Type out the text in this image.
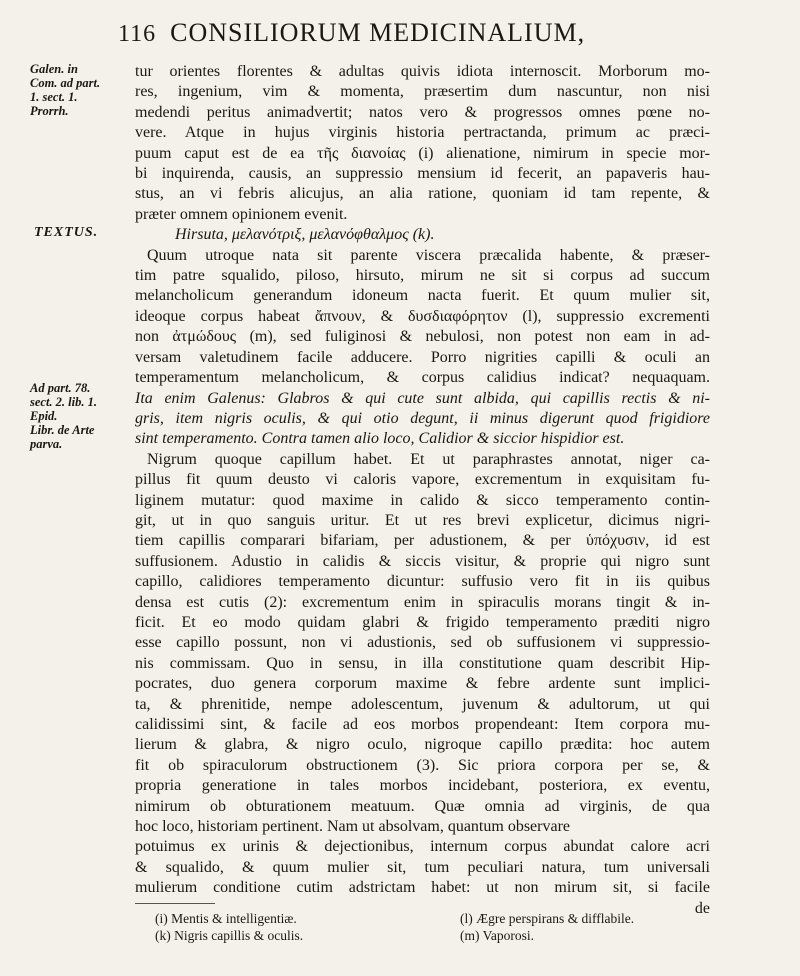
116 CONSILIORUM MEDICINALIUM,
Galen. in
Com. ad part.
1. sect. 1.
Prorrh.
TEXTUS.
Ad part. 78.
sect. 2. lib. 1.
Epid.
Libr. de Arte
parva.
tur orientes florentes & adultas quivis idiota internoscit. Morborum mo-
res, ingenium, vim & momenta, præsertim dum nascuntur, non nisi
medendi peritus animadvertit; natos vero & progressos omnes pœne no-
vere. Atque in hujus virginis historia pertractanda, primum ac præci-
puum caput est de ea τῆς διανοίας (i) alienatione, nimirum in specie mor-
bi inquirenda, causis, an suppressio mensium id fecerit, an papaveris hau-
stus, an vi febris alicujus, an alia ratione, quoniam id tam repente, &
præter omnem opinionem evenit.
Hirsuta, μελανότριξ, μελανόφθαλμος (k).
Quum utroque nata sit parente viscera præcalida habente, & præser-
tim patre squalido, piloso, hirsuto, mirum ne sit si corpus ad succum
melancholicum generandum idoneum nacta fuerit. Et quum mulier sit,
ideoque corpus habeat ἄπνουν, & δυσδιαφόρητον (l), suppressio excrementi
non ἀτμώδους (m), sed fuliginosi & nebulosi, non potest non eam in ad-
versam valetudinem facile adducere. Porro nigrities capilli & oculi an
temperamentum melancholicum, & corpus calidius indicat? nequaquam.
Ita enim Galenus: Glabros & qui cute sunt albida, qui capillis rectis & ni-
gris, item nigris oculis, & qui otio degunt, ii minus digerunt quod frigidiore
sint temperamento. Contra tamen alio loco, Calidior & siccior hispidior est.
Nigrum quoque capillum habet. Et ut paraphrastes annotat, niger ca-
pillus fit quum deusto vi caloris vapore, excrementum in exquisitam fu-
liginem mutatur: quod maxime in calido & sicco temperamento contin-
git, ut in quo sanguis uritur. Et ut res brevi explicetur, dicimus nigri-
tiem capillis comparari bifariam, per adustionem, & per ὑπόχυσιν, id est
suffusionem. Adustio in calidis & siccis visitur, & proprie qui nigro sunt
capillo, calidiores temperamento dicuntur: suffusio vero fit in iis quibus
densa est cutis (2): excrementum enim in spiraculis morans tingit & in-
ficit. Et eo modo quidam glabri & frigido temperamento præditi nigro
esse capillo possunt, non vi adustionis, sed ob suffusionem vi suppressio-
nis commissam. Quo in sensu, in illa constitutione quam describit Hip-
pocrates, duo genera corporum maxime & febre ardente sunt implici-
ta, & phrenitide, nempe adolescentum, juvenum & adultorum, ut qui
calidissimi sint, & facile ad eos morbos propendeant: Item corpora mu-
lierum & glabra, & nigro oculo, nigroque capillo prædita: hoc autem
fit ob spiraculorum obstructionem (3). Sic priora corpora per se, &
propria generatione in tales morbos incidebant, posteriora, ex eventu,
nimirum ob obturationem meatuum. Quæ omnia ad virginis, de qua
hoc loco, historiam pertinent. Nam ut absolvam, quantum observare
potuimus ex urinis & dejectionibus, internum corpus abundat calore acri
& squalido, & quum mulier sit, tum peculiari natura, tum universali
mulierum conditione cutim adstrictam habet: ut non mirum sit, si facile
de
(i) Mentis & intelligentiæ.
(k) Nigris capillis & oculis.
(l) Ægre perspirans & difflabile.
(m) Vaporosi.
